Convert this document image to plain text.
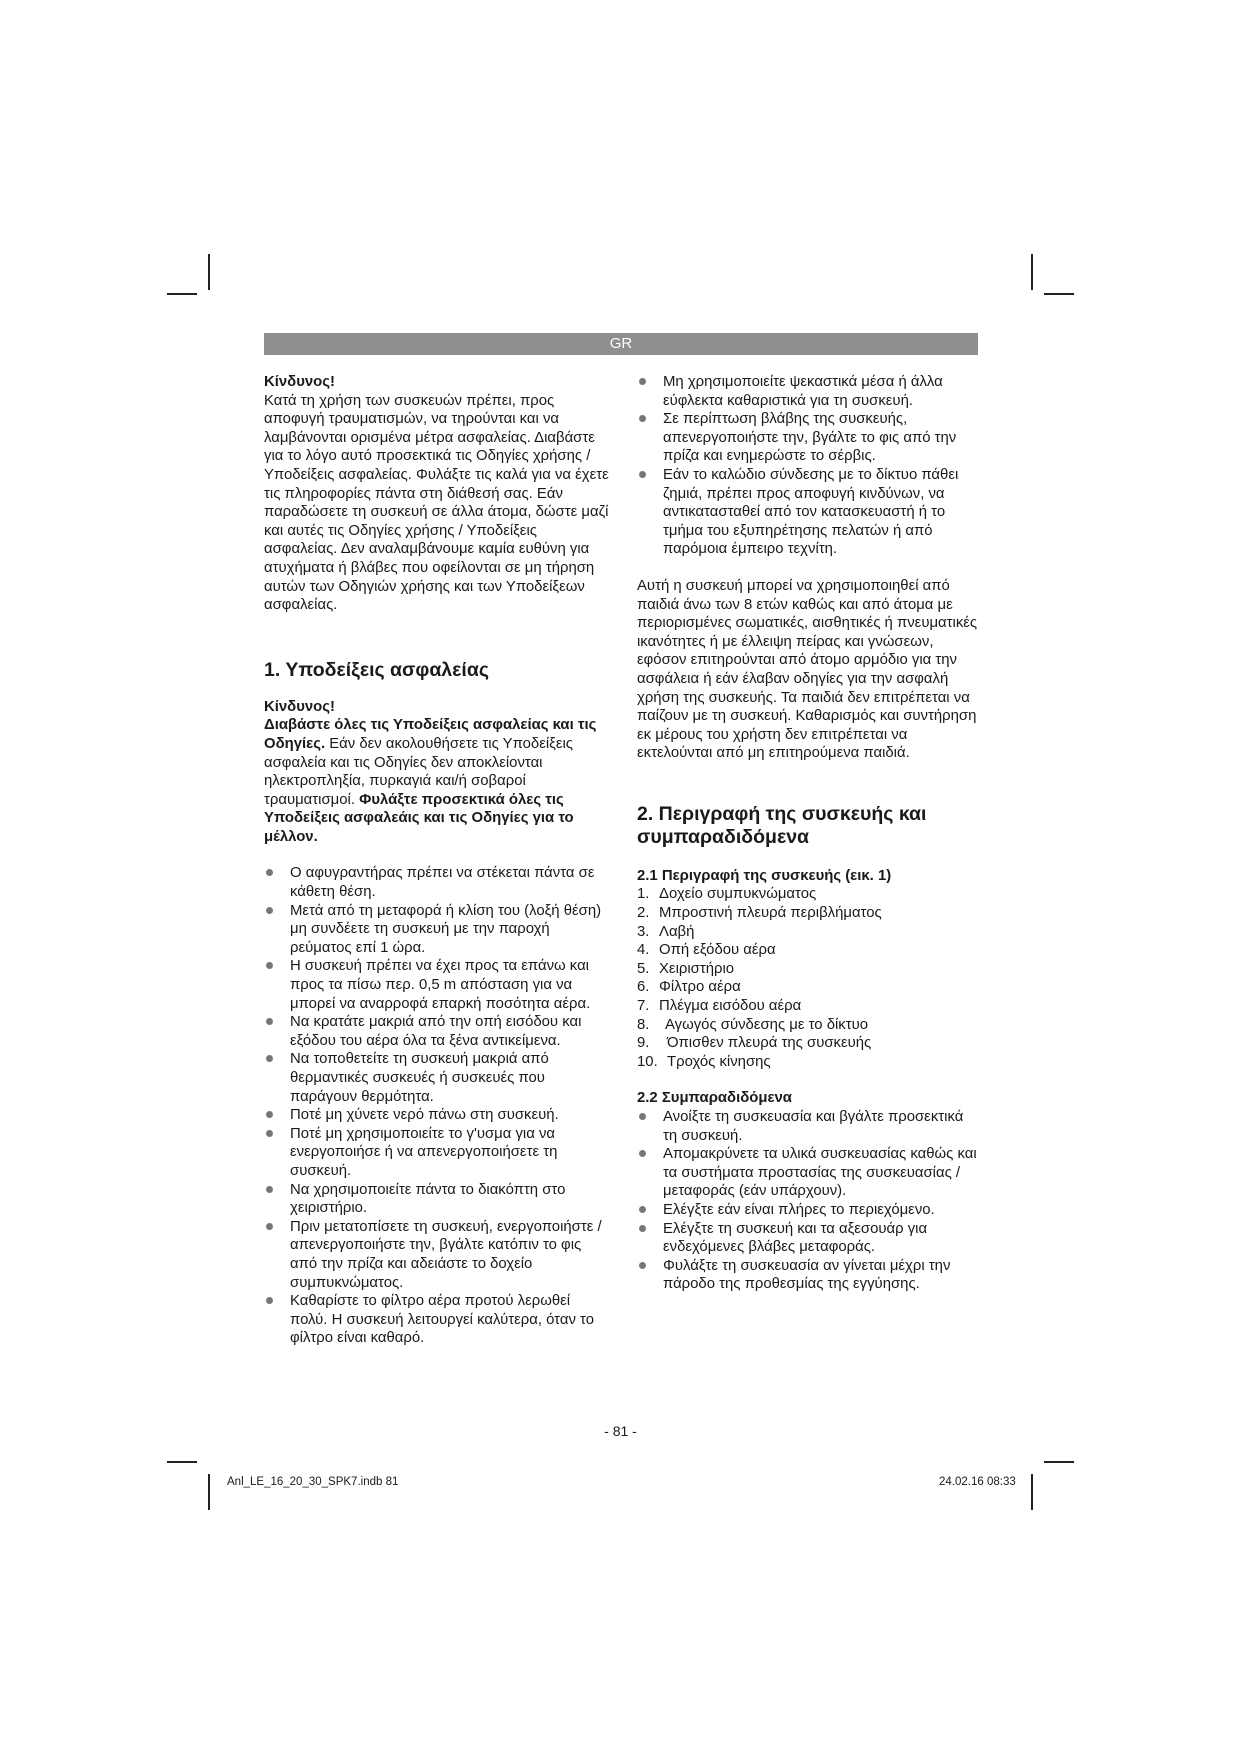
GR

Κίνδυνος!

Κατά τη χρήση των συσκευών πρέπει, προς αποφυγή τραυματισμών, να τηρούνται και να λαμβάνονται ορισμένα μέτρα ασφαλείας. Διαβάστε για το λόγο αυτό προσεκτικά τις Οδηγίες χρήσης / Υποδείξεις ασφαλείας. Φυλάξτε τις καλά για να έχετε τις πληροφορίες πάντα στη διάθεσή σας. Εάν παραδώσετε τη συσκευή σε άλλα άτομα, δώστε μαζί και αυτές τις Οδηγίες χρήσης / Υποδείξεις ασφαλείας. Δεν αναλαμβάνουμε καμία ευθύνη για ατυχήματα ή βλάβες που οφείλονται σε μη τήρηση αυτών των Οδηγιών χρήσης και των Υποδείξεων ασφαλείας.

1. Υποδείξεις ασφαλείας

Κίνδυνος!

Διαβάστε όλες τις Υποδείξεις ασφαλείας και τις Οδηγίες. Εάν δεν ακολουθήσετε τις Υποδείξεις ασφαλεία και τις Οδηγίες δεν αποκλείονται ηλεκτροπληξία, πυρκαγιά και/ή σοβαροί τραυματισμοί. Φυλάξτε προσεκτικά όλες τις Υποδείξεις ασφαλεάις και τις Οδηγίες για το μέλλον.

Ο αφυγραντήρας πρέπει να στέκεται πάντα σε κάθετη θέση.
Μετά από τη μεταφορά ή κλίση του (λοξή θέση) μη συνδέετε τη συσκευή με την παροχή ρεύματος επί 1 ώρα.
Η συσκευή πρέπει να έχει προς τα επάνω και προς τα πίσω περ. 0,5 m απόσταση για να μπορεί να αναρροφά επαρκή ποσότητα αέρα.
Να κρατάτε μακριά από την οπή εισόδου και εξόδου του αέρα όλα τα ξένα αντικείμενα.
Να τοποθετείτε τη συσκευή μακριά από θερμαντικές συσκευές ή συσκευές που παράγουν θερμότητα.
Ποτέ μη χύνετε νερό πάνω στη συσκευή.
Ποτέ μη χρησιμοποιείτε το γ'υσμα για να ενεργοποιήσε ή να απενεργοποιήσετε τη συσκευή.
Να χρησιμοποιείτε πάντα το διακόπτη στο χειριστήριο.
Πριν μετατοπίσετε τη συσκευή, ενεργοποιήστε /απενεργοποιήστε την, βγάλτε κατόπιν το φις από την πρίζα και αδειάστε το δοχείο συμπυκνώματος.
Καθαρίστε το φίλτρο αέρα προτού λερωθεί πολύ. Η συσκευή λειτουργεί καλύτερα, όταν το φίλτρο είναι καθαρό.
Μη χρησιμοποιείτε ψεκαστικά μέσα ή άλλα εύφλεκτα καθαριστικά για τη συσκευή.
Σε περίπτωση βλάβης της συσκευής, απενεργοποιήστε την, βγάλτε το φις από την πρίζα και ενημερώστε το σέρβις.
Εάν το καλώδιο σύνδεσης με το δίκτυο πάθει ζημιά, πρέπει προς αποφυγή κινδύνων, να αντικατασταθεί από τον κατασκευαστή ή το τμήμα του εξυπηρέτησης πελατών ή από παρόμοια έμπειρο τεχνίτη.

Αυτή η συσκευή μπορεί να χρησιμοποιηθεί από παιδιά άνω των 8 ετών καθώς και από άτομα με περιορισμένες σωματικές, αισθητικές ή πνευματικές ικανότητες ή με έλλειψη πείρας και γνώσεων, εφόσον επιτηρούνται από άτομο αρμόδιο για την ασφάλεια ή εάν έλαβαν οδηγίες για την ασφαλή χρήση της συσκευής. Τα παιδιά δεν επιτρέπεται να παίζουν με τη συσκευή. Καθαρισμός και συντήρηση εκ μέρους του χρήστη δεν επιτρέπεται να εκτελούνται από μη επιτηρούμενα παιδιά.

2. Περιγραφή της συσκευής και συμπαραδιδόμενα

2.1 Περιγραφή της συσκευής (εικ. 1)

1. Δοχείο συμπυκνώματος
2. Μπροστινή πλευρά περιβλήματος
3. Λαβή
4. Οπή εξόδου αέρα
5. Χειριστήριο
6. Φίλτρο αέρα
7. Πλέγμα εισόδου αέρα
8.	Αγωγός σύνδεσης με το δίκτυο
9.	Όπισθεν πλευρά της συσκευής
10. Τροχός κίνησης

2.2 Συμπαραδιδόμενα

Ανοίξτε τη συσκευασία και βγάλτε προσεκτικά τη συσκευή.
Απομακρύνετε τα υλικά συσκευασίας καθώς και τα συστήματα προστασίας της συσκευασίας / μεταφοράς (εάν υπάρχουν).
Ελέγξτε εάν είναι πλήρες το περιεχόμενο.
Ελέγξτε τη συσκευή και τα αξεσουάρ για ενδεχόμενες βλάβες μεταφοράς.
Φυλάξτε τη συσκευασία αν γίνεται μέχρι την πάροδο της προθεσμίας της εγγύησης.
- 81 -
Anl_LE_16_20_30_SPK7.indb 81	24.02.16 08:33
